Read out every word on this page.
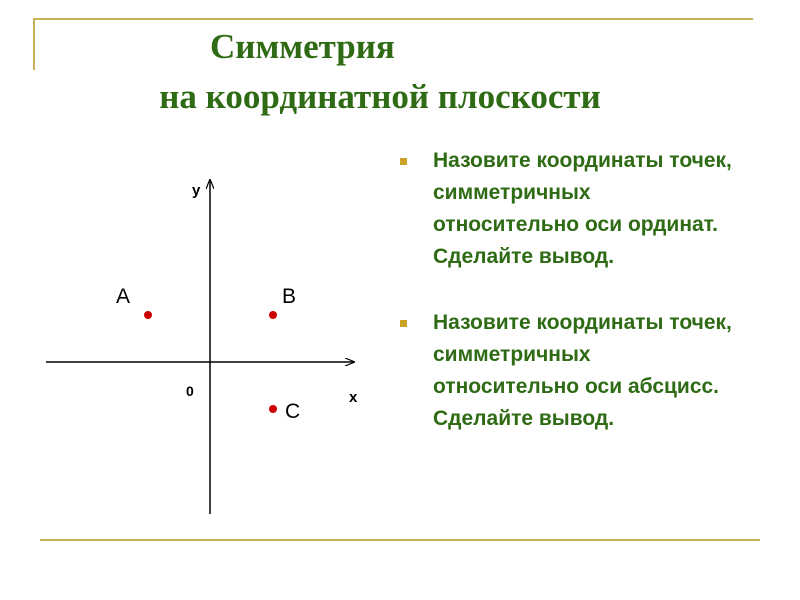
Симметрия
на координатной плоскости
у
х
0
A	B
C
Назовите координаты точек, симметричных относительно оси ординат. Сделайте вывод.
Назовите координаты точек, симметричных относительно оси абсцисс. Сделайте вывод.
